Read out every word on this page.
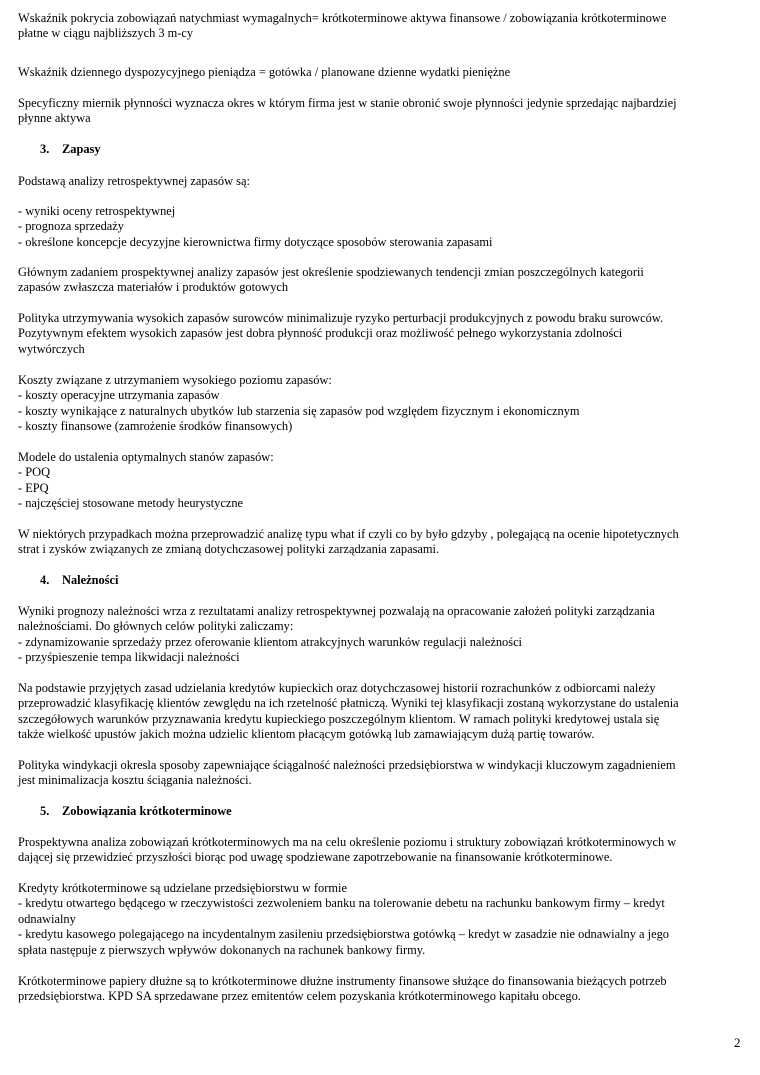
Wskaźnik pokrycia zobowiązań natychmiast wymagalnych= krótkoterminowe aktywa finansowe / zobowiązania krótkoterminowe
płatne w ciągu najbliższych 3 m-cy
Wskaźnik dziennego dyspozycyjnego pieniądza = gotówka / planowane dzienne wydatki pieniężne
Specyficzny miernik płynności wyznacza okres w którym firma jest w stanie obronić swoje płynności jedynie sprzedając najbardziej
płynne aktywa
3. Zapasy
Podstawą analizy retrospektywnej zapasów są:
- wyniki oceny retrospektywnej
- prognoza sprzedaży
- określone koncepcje decyzyjne kierownictwa firmy dotyczące sposobów sterowania zapasami
Głównym zadaniem prospektywnej analizy zapasów jest określenie spodziewanych tendencji zmian poszczególnych kategorii
zapasów zwłaszcza materiałów i produktów gotowych
Polityka utrzymywania wysokich zapasów surowców minimalizuje ryzyko perturbacji produkcyjnych z powodu braku surowców.
Pozytywnym efektem wysokich zapasów jest dobra płynność produkcji oraz możliwość pełnego wykorzystania zdolności
wytwórczych
Koszty związane z utrzymaniem wysokiego poziomu zapasów:
- koszty operacyjne utrzymania zapasów
- koszty wynikające z naturalnych ubytków lub starzenia się zapasów pod względem fizycznym i ekonomicznym
- koszty finansowe (zamrożenie środków finansowych)
Modele do ustalenia optymalnych stanów zapasów:
- POQ
- EPQ
- najczęściej stosowane metody heurystyczne
W niektórych przypadkach można przeprowadzić analizę typu what if czyli co by było gdzyby , polegającą na ocenie hipotetycznych
strat i zysków związanych ze zmianą dotychczasowej polityki zarządzania zapasami.
4. Należności
Wyniki prognozy należności wrza z rezultatami analizy retrospektywnej pozwalają na opracowanie założeń polityki zarządzania
należnościami. Do głównych celów polityki zaliczamy:
- zdynamizowanie sprzedaży przez oferowanie klientom atrakcyjnych warunków regulacji należności
- przyśpieszenie tempa likwidacji należności
Na podstawie przyjętych zasad udzielania kredytów kupieckich oraz dotychczasowej historii rozrachunków z odbiorcami należy
przeprowadzić klasyfikację klientów zewględu na ich rzetelność płatniczą. Wyniki tej klasyfikacji zostaną wykorzystane do ustalenia
szczegółowych warunków przyznawania kredytu kupieckiego poszczególnym klientom. W ramach polityki kredytowej ustala się
także wielkość upustów jakich można udzielic klientom płacącym gotówką lub zamawiającym dużą partię towarów.
Polityka windykacji okresla sposoby zapewniające ściągalność należności przedsiębiorstwa w windykacji kluczowym zagadnieniem
jest minimalizacja kosztu ściągania należności.
5. Zobowiązania krótkoterminowe
Prospektywna analiza zobowiązań krótkoterminowych ma na celu określenie poziomu i struktury zobowiązań krótkoterminowych w
dającej się przewidzieć przyszłości biorąc pod uwagę spodziewane zapotrzebowanie na finansowanie krótkoterminowe.
Kredyty krótkoterminowe są udzielane przedsiębiorstwu w formie
- kredytu otwartego będącego w rzeczywistości zezwoleniem banku na tolerowanie debetu na rachunku bankowym firmy – kredyt
odnawialny
- kredytu kasowego polegającego na incydentalnym zasileniu przedsiębiorstwa gotówką – kredyt w zasadzie nie odnawialny a jego
spłata następuje z pierwszych wpływów dokonanych na rachunek bankowy firmy.
Krótkoterminowe papiery dłużne są to krótkoterminowe dłużne instrumenty finansowe służące do finansowania bieżących potrzeb
przedsiębiorstwa. KPD SA sprzedawane przez emitentów celem pozyskania krótkoterminowego kapitału obcego.
2
